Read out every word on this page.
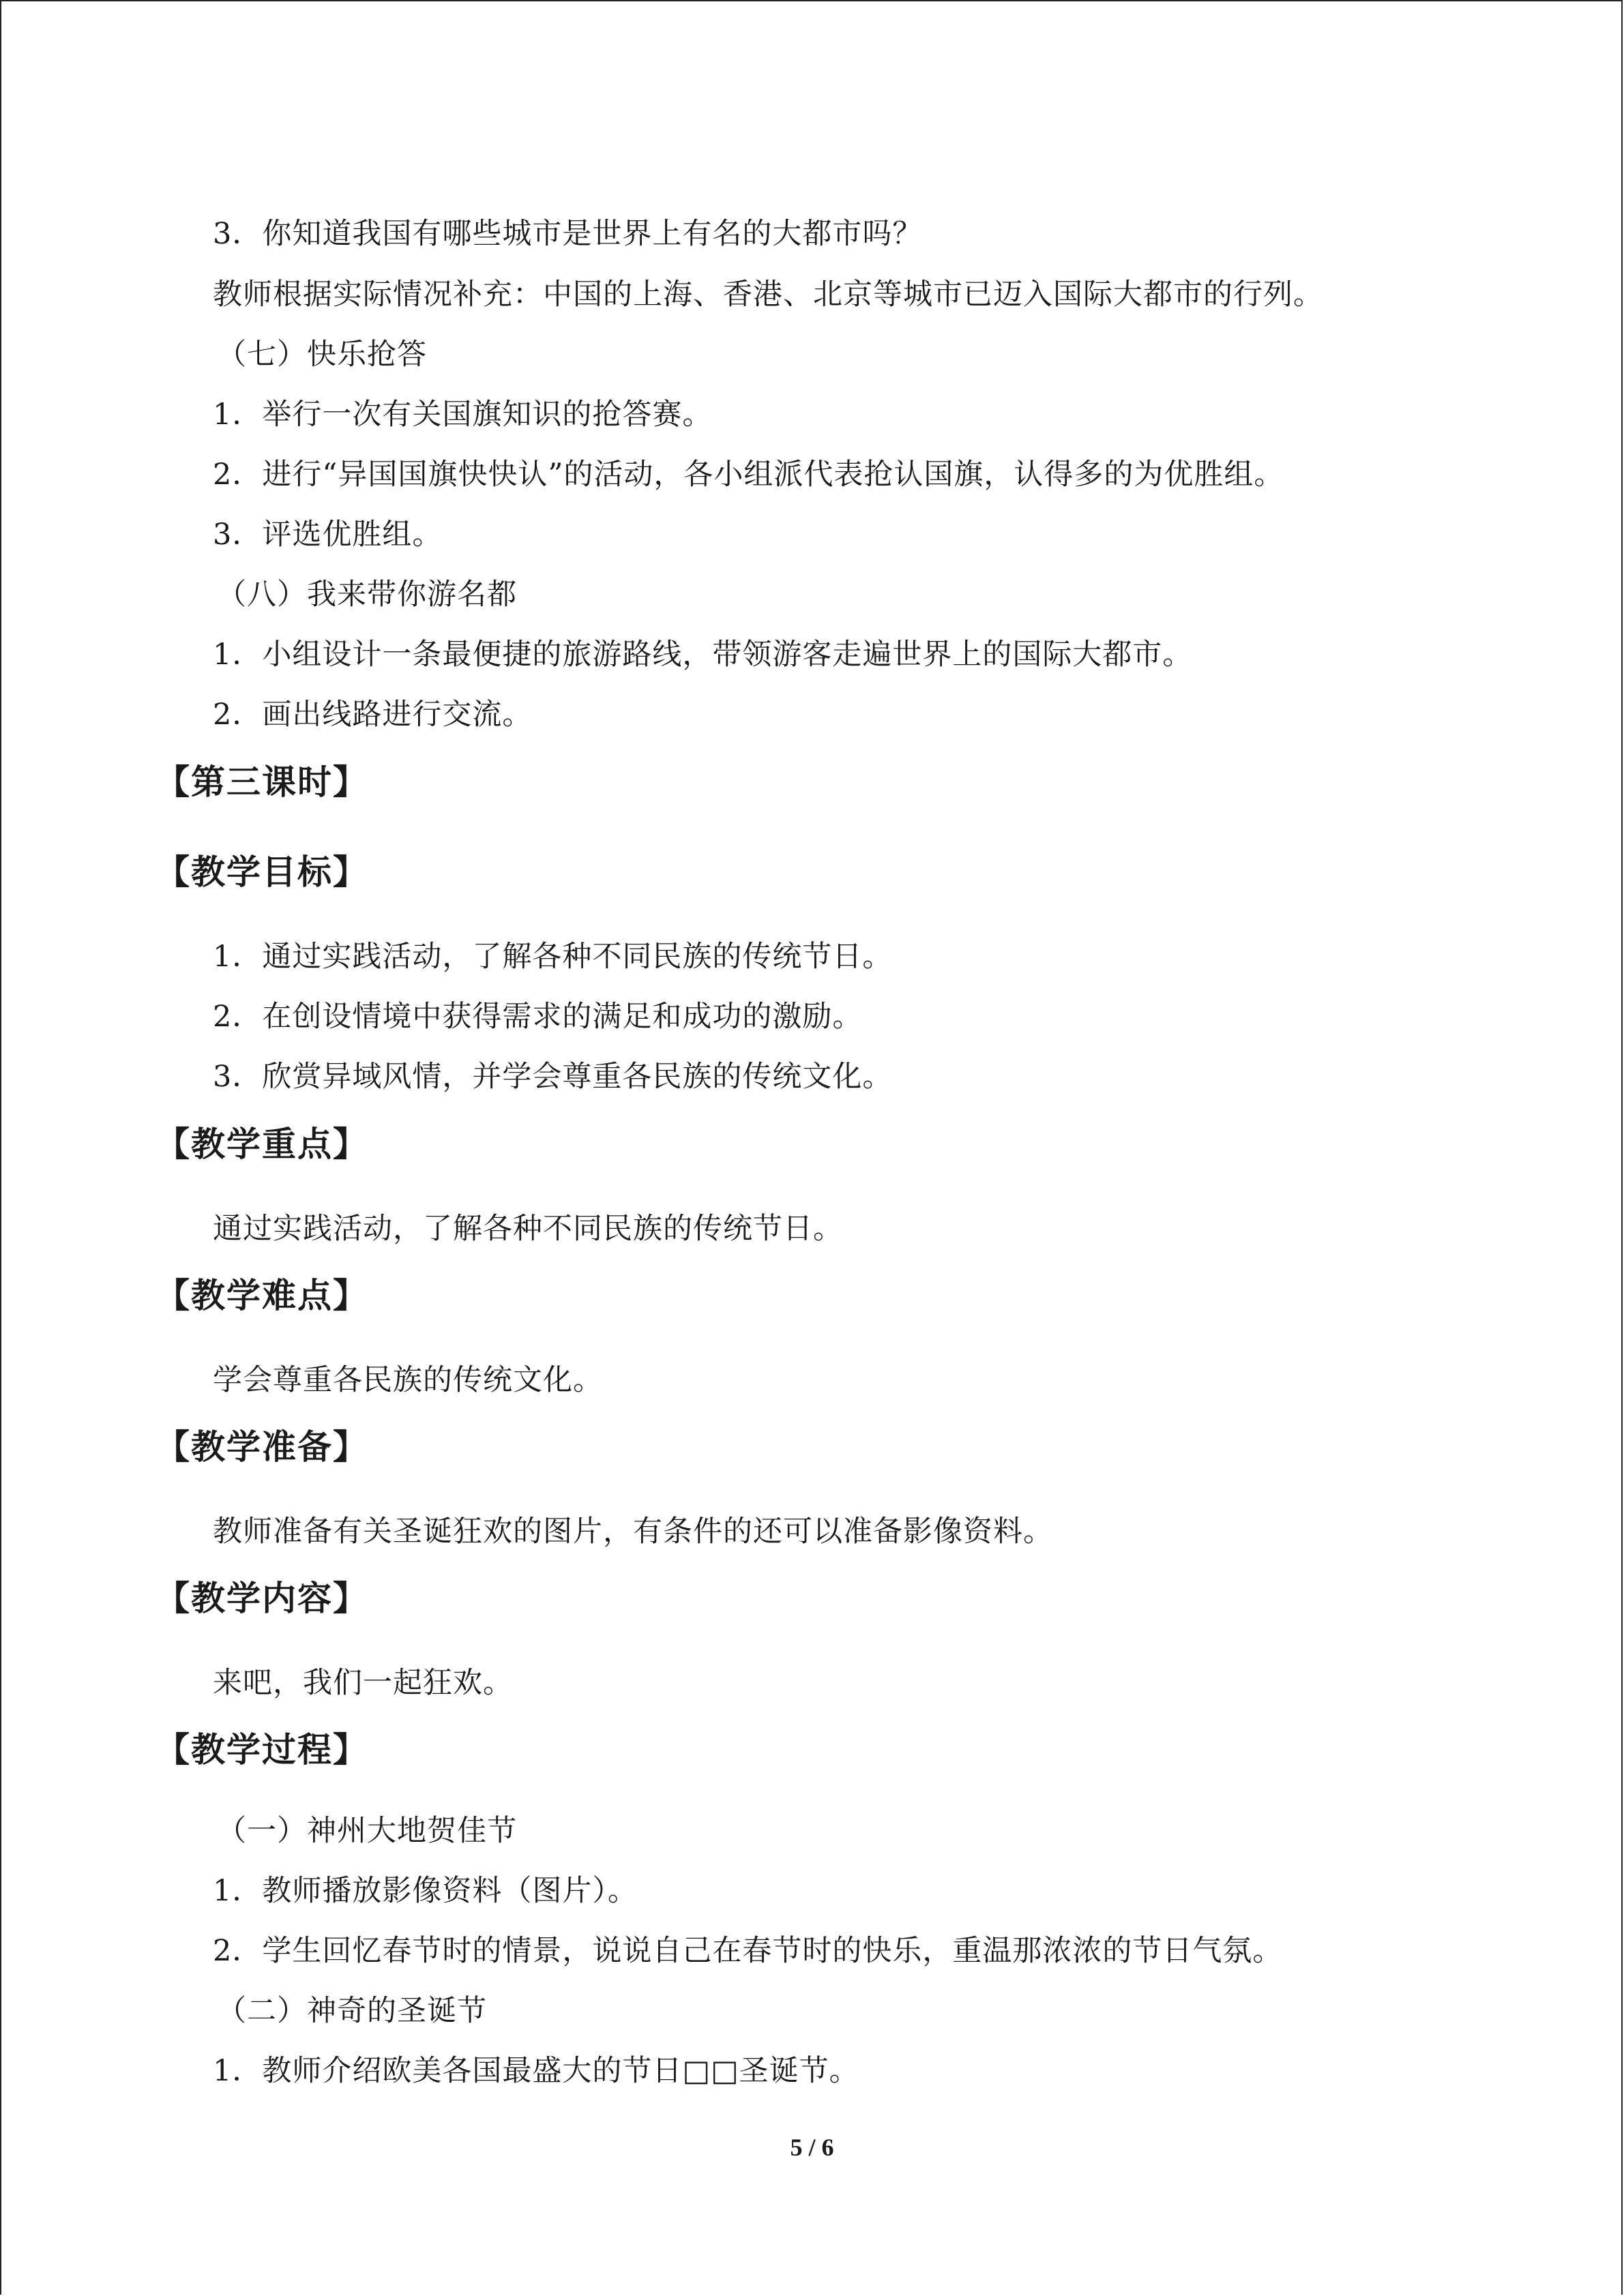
3．你知道我国有哪些城市是世界上有名的大都市吗？
教师根据实际情况补充：中国的上海、香港、北京等城市已迈入国际大都市的行列。
（七）快乐抢答
1．举行一次有关国旗知识的抢答赛。
2．进行“异国国旗快快认”的活动，各小组派代表抢认国旗，认得多的为优胜组。
3．评选优胜组。
（八）我来带你游名都
1．小组设计一条最便捷的旅游路线，带领游客走遍世界上的国际大都市。
2．画出线路进行交流。
【第三课时】
【教学目标】
1．通过实践活动，了解各种不同民族的传统节日。
2．在创设情境中获得需求的满足和成功的激励。
3．欣赏异域风情，并学会尊重各民族的传统文化。
【教学重点】
通过实践活动，了解各种不同民族的传统节日。
【教学难点】
学会尊重各民族的传统文化。
【教学准备】
教师准备有关圣诞狂欢的图片，有条件的还可以准备影像资料。
【教学内容】
来吧，我们一起狂欢。
【教学过程】
（一）神州大地贺佳节
1．教师播放影像资料（图片）。
2．学生回忆春节时的情景，说说自己在春节时的快乐，重温那浓浓的节日气氛。
（二）神奇的圣诞节
1．教师介绍欧美各国最盛大的节日□□圣诞节。
5 / 6
